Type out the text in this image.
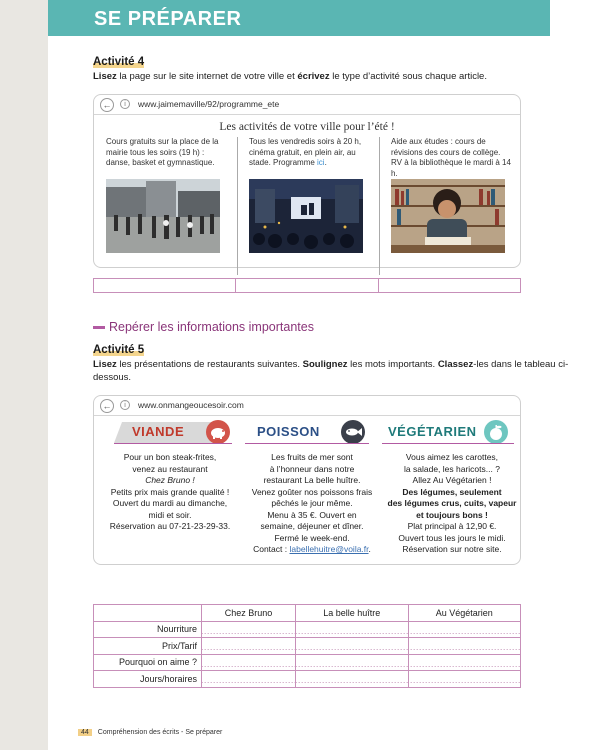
SE PRÉPARER
Activité 4
Lisez la page sur le site internet de votre ville et écrivez le type d’activité sous chaque article.
←	i	www.jaimemaville/92/programme_ete
Les activités de votre ville pour l’été !
Cours gratuits sur la place de la mairie tous les soirs (19 h) : danse, basket et gymnastique.
Tous les vendredis soirs à 20 h, cinéma gratuit, en plein air, au stade. Programme ici.
Aide aux études : cours de révisions des cours de collège. RV à la bibliothèque le mardi à 14 h.
Repérer les informations importantes
Activité 5
Lisez les présentations de restaurants suivantes. Soulignez les mots importants. Classez-les dans le tableau ci-dessous.
←	i	www.onmangeoucesoir.com
VIANDE	POISSON	VÉGÉTARIEN
Pour un bon steak-frites,
venez au restaurant
Chez Bruno !
Petits prix mais grande qualité !
Ouvert du mardi au dimanche,
midi et soir.
Réservation au 07-21-23-29-33.
Les fruits de mer sont
à l’honneur dans notre
restaurant La belle huître.
Venez goûter nos poissons frais
pêchés le jour même.
Menu à 35 €. Ouvert en
semaine, déjeuner et dîner.
Fermé le week-end.
Contact : labellehuitre@voila.fr.
Vous aimez les carottes,
la salade, les haricots... ?
Allez Au Végétarien !
Des légumes, seulement
des légumes crus, cuits, vapeur
et toujours bons !
Plat principal à 12,90 €.
Ouvert tous les jours le midi.
Réservation sur notre site.
	Chez Bruno	La belle huître	Au Végétarien
Nourriture			
Prix/Tarif			
Pourquoi on aime ?			
Jours/horaires			
44 Compréhension des écrits - Se préparer
